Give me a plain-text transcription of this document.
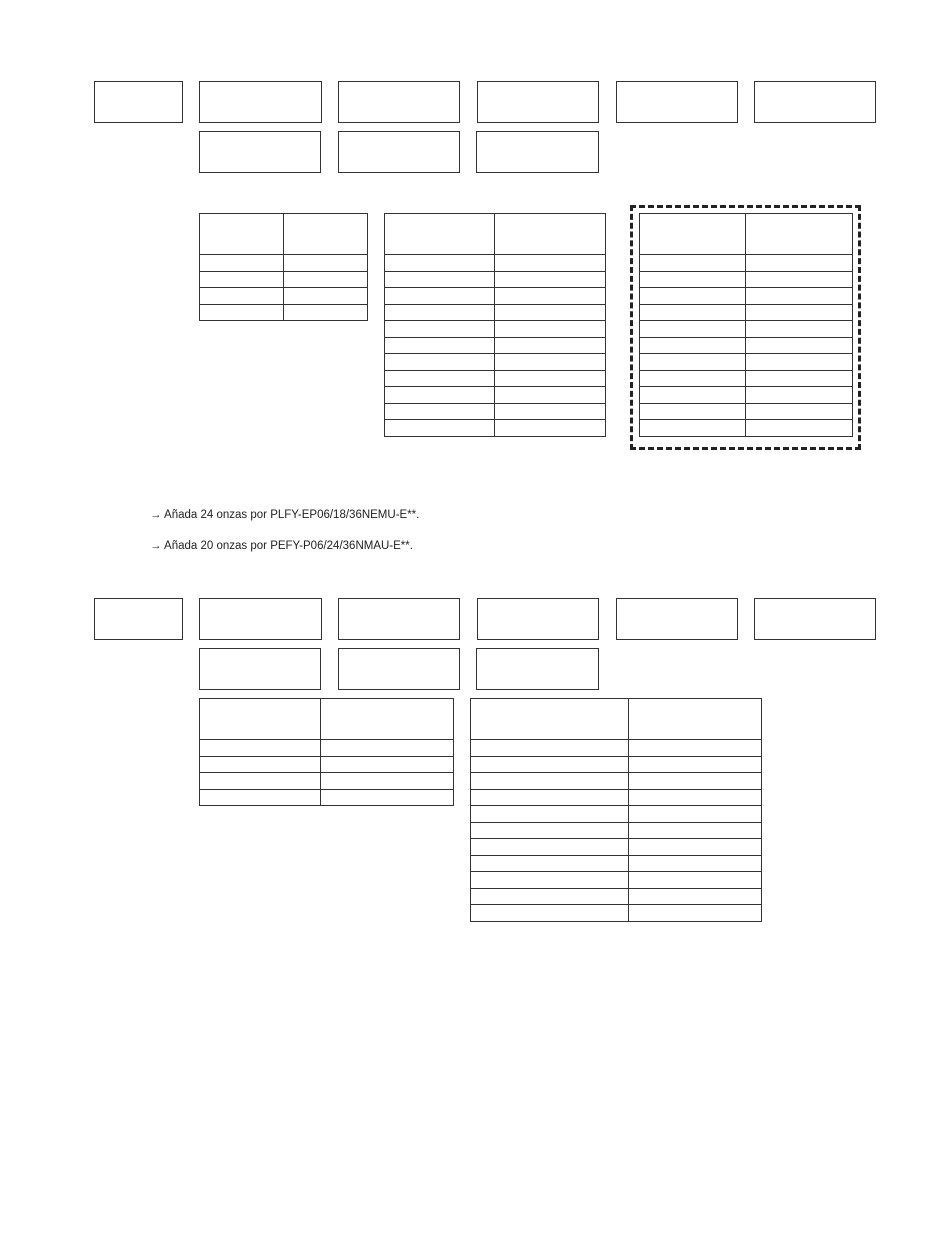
→ Añada 24 onzas por PLFY-EP06/18/36NEMU-E**.
→ Añada 20 onzas por PEFY-P06/24/36NMAU-E**.
